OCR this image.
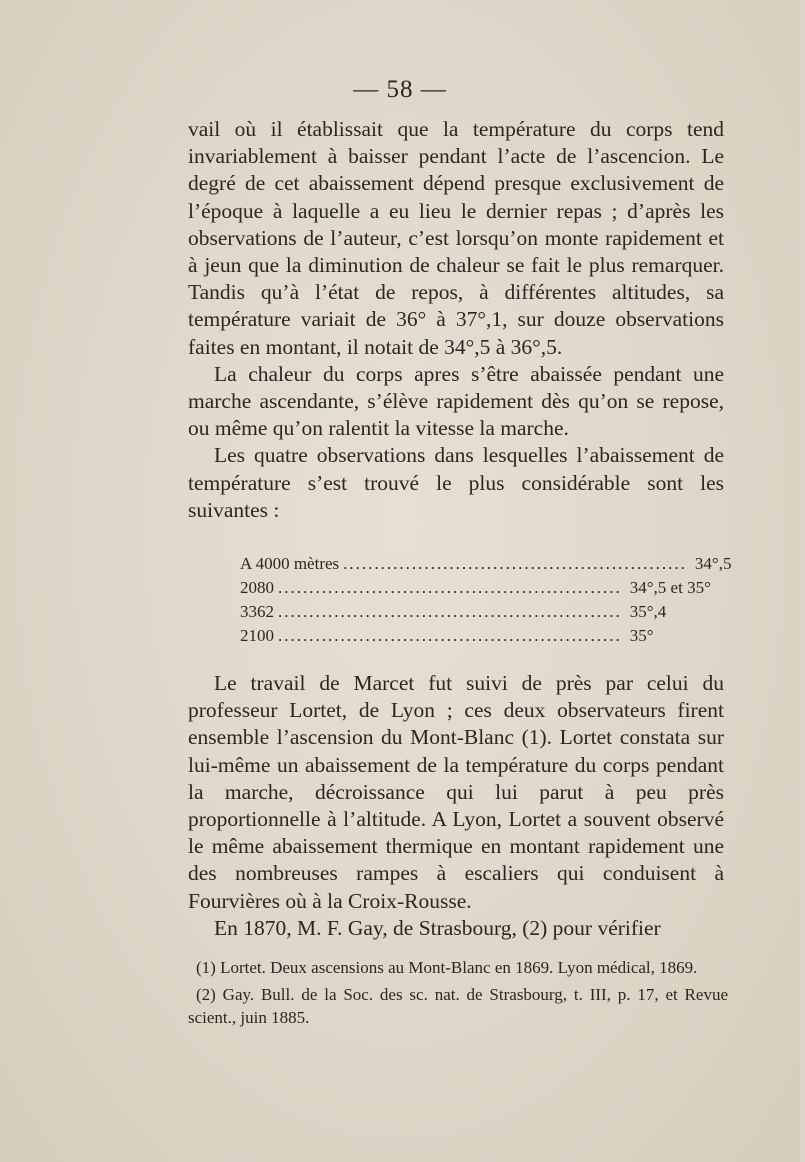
— 58 —

vail où il établissait que la température du corps tend invariablement à baisser pendant l’acte de l’ascencion. Le degré de cet abaissement dépend presque exclusivement de l’époque à laquelle a eu lieu le dernier repas ; d’après les observations de l’auteur, c’est lorsqu’on monte rapidement et à jeun que la diminution de chaleur se fait le plus remarquer. Tandis qu’à l’état de repos, à différentes altitudes, sa température variait de 36° à 37°,1, sur douze observations faites en montant, il notait de 34°,5 à 36°,5.

La chaleur du corps apres s’être abaissée pendant une marche ascendante, s’élève rapidement dès qu’on se repose, ou même qu’on ralentit la vitesse la marche.

Les quatre observations dans lesquelles l’abaissement de température s’est trouvé le plus considérable sont les suivantes :

A 4000 mètres ....................................................... 34°,5
2080 ....................................................... 34°,5 et 35°
3362 ....................................................... 35°,4
2100 ....................................................... 35°

Le travail de Marcet fut suivi de près par celui du professeur Lortet, de Lyon ; ces deux observateurs firent ensemble l’ascension du Mont-Blanc (1). Lortet constata sur lui-même un abaissement de la température du corps pendant la marche, décroissance qui lui parut à peu près proportionnelle à l’altitude. A Lyon, Lortet a souvent observé le même abaissement thermique en montant rapidement une des nombreuses rampes à escaliers qui conduisent à Fourvières où à la Croix-Rousse.

En 1870, M. F. Gay, de Strasbourg, (2) pour vérifier

(1) Lortet. Deux ascensions au Mont-Blanc en 1869. Lyon médical, 1869.

(2) Gay. Bull. de la Soc. des sc. nat. de Strasbourg, t. III, p. 17, et Revue scient., juin 1885.
